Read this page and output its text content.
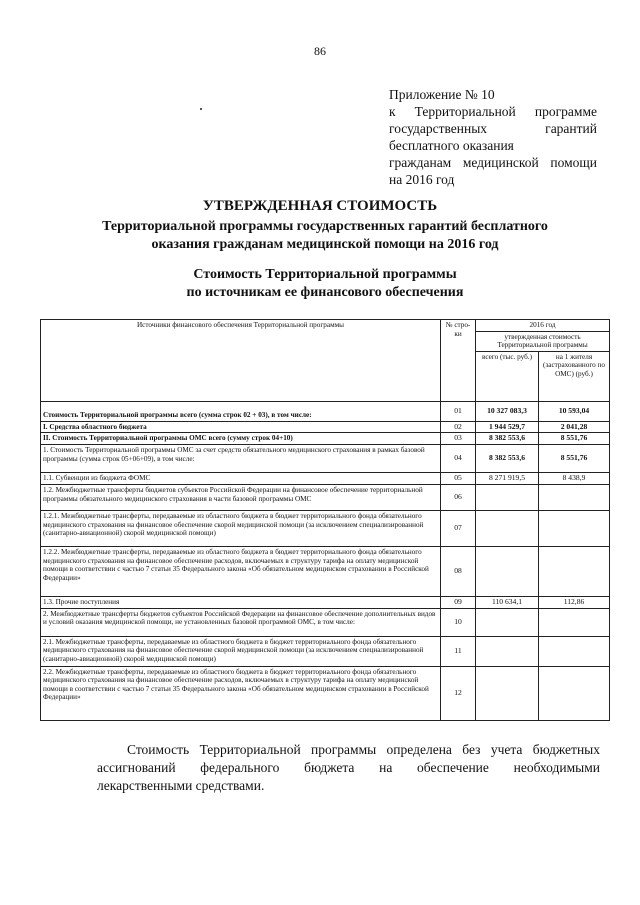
86
Приложение № 10
к Территориальной программе
государственных гарантий
бесплатного оказания
гражданам медицинской помощи
на 2016 год
УТВЕРЖДЕННАЯ СТОИМОСТЬ
Территориальной программы государственных гарантий бесплатного
оказания гражданам медицинской помощи на 2016 год
Стоимость Территориальной программы
по источникам ее финансового обеспечения
Источники финансового обеспечения Территориальной программы	№ стро-ки	2016 год	
		утвержденная стоимость Территориальной программы	
		всего (тыс. руб.)	на 1 жителя (застрахованного по ОМС) (руб.)
Стоимость Территориальной программы всего (сумма строк 02 + 03), в том числе:	01	10 327 083,3	10 593,04
I. Средства областного бюджета	02	1 944 529,7	2 041,28
II. Стоимость Территориальной программы ОМС всего (сумму строк 04+10)	03	8 382 553,6	8 551,76
1. Стоимость Территориальной программы ОМС за счет средств обязательного медицинского страхования в рамках базовой программы (сумма строк 05+06+09), в том числе:	04	8 382 553,6	8 551,76
1.1. Субвенции из бюджета ФОМС	05	8 271 919,5	8 438,9
1.2. Межбюджетные трансферты бюджетов субъектов Российской Федерации на финансовое обеспечение территориальной программы обязательного медицинского страхования в части базовой программы ОМС	06		
1.2.1. Межбюджетные трансферты, передаваемые из областного бюджета в бюджет территориального фонда обязательного медицинского страхования на финансовое обеспечение скорой медицинской помощи (за исключением специализированной (санитарно-авиационной) скорой медицинской помощи)	07		
1.2.2. Межбюджетные трансферты, передаваемые из областного бюджета в бюджет территориального фонда обязательного медицинского страхования на финансовое обеспечение расходов, включаемых в структуру тарифа на оплату медицинской помощи в соответствии с частью 7 статьи 35 Федерального закона «Об обязательном медицинском страховании в Российской Федерации»	08		
1.3. Прочие поступления	09	110 634,1	112,86
2. Межбюджетные трансферты бюджетов субъектов Российской Федерации на финансовое обеспечение дополнительных видов и условий оказания медицинской помощи, не установленных базовой программой ОМС, в том числе:	10		
2.1. Межбюджетные трансферты, передаваемые из областного бюджета в бюджет территориального фонда обязательного медицинского страхования на финансовое обеспечение скорой медицинской помощи (за исключением специализированной (санитарно-авиационной) скорой медицинской помощи)	11		
2.2. Межбюджетные трансферты, передаваемые из областного бюджета в бюджет территориального фонда обязательного медицинского страхования на финансовое обеспечение расходов, включаемых в структуру тарифа на оплату медицинской помощи в соответствии с частью 7 статьи 35 Федерального закона «Об обязательном медицинском страховании в Российской Федерации»	12		
Стоимость Территориальной программы определена без учета бюджетных
ассигнований федерального бюджета на обеспечение необходимыми
лекарственными средствами.
